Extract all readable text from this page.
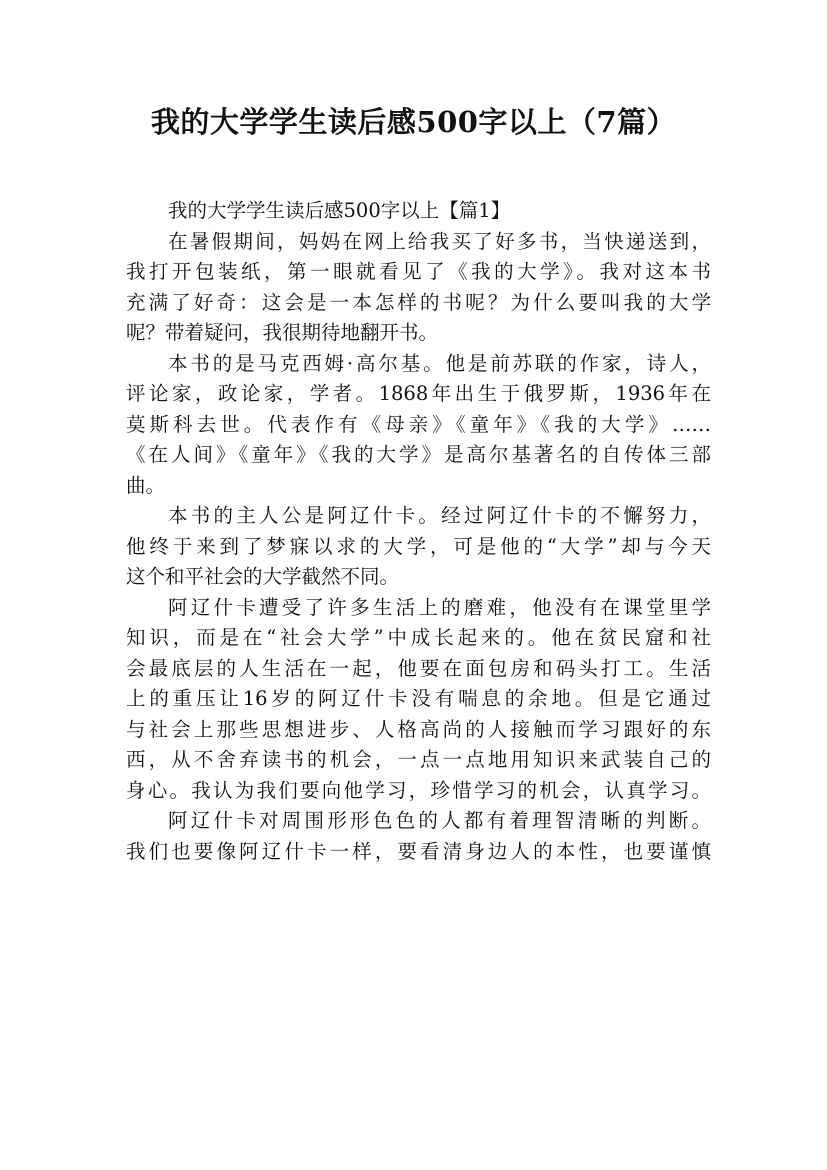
我的大学学生读后感500字以上（7篇）
我的大学学生读后感500字以上【篇1】
在暑假期间，妈妈在网上给我买了好多书，当快递送到，
我打开包装纸，第一眼就看见了《我的大学》。我对这本书
充满了好奇：这会是一本怎样的书呢？为什么要叫我的大学
呢？带着疑问，我很期待地翻开书。
本书的是马克西姆·高尔基。他是前苏联的作家，诗人，
评论家，政论家，学者。1868年出生于俄罗斯，1936年在
莫斯科去世。代表作有《母亲》《童年》《我的大学》……
《在人间》《童年》《我的大学》是高尔基著名的自传体三部
曲。
本书的主人公是阿辽什卡。经过阿辽什卡的不懈努力，
他终于来到了梦寐以求的大学，可是他的“大学”却与今天
这个和平社会的大学截然不同。
阿辽什卡遭受了许多生活上的磨难，他没有在课堂里学
知识，而是在“社会大学”中成长起来的。他在贫民窟和社
会最底层的人生活在一起，他要在面包房和码头打工。生活
上的重压让16岁的阿辽什卡没有喘息的余地。但是它通过
与社会上那些思想进步、人格高尚的人接触而学习跟好的东
西，从不舍弃读书的机会，一点一点地用知识来武装自己的
身心。我认为我们要向他学习，珍惜学习的机会，认真学习。
阿辽什卡对周围形形色色的人都有着理智清晰的判断。
我们也要像阿辽什卡一样，要看清身边人的本性，也要谨慎
